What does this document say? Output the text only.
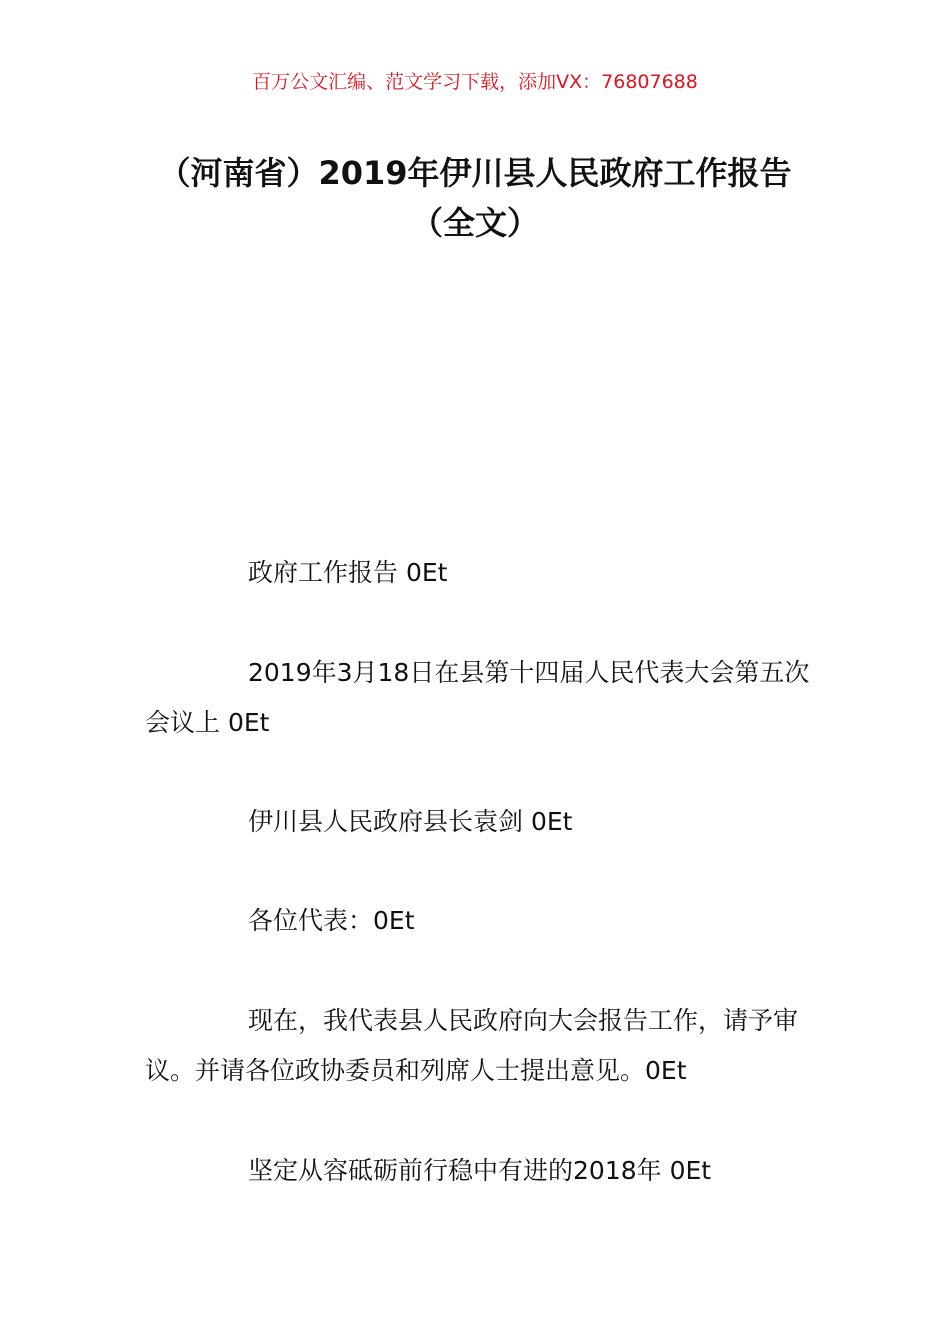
百万公文汇编、范文学习下载，添加VX：76807688
（河南省）2019年伊川县人民政府工作报告（全文）

政府工作报告 0Et

2019年3月18日在县第十四届人民代表大会第五次会议上 0Et

伊川县人民政府县长袁剑 0Et

各位代表：0Et

现在，我代表县人民政府向大会报告工作，请予审议。并请各位政协委员和列席人士提出意见。0Et

坚定从容砥砺前行稳中有进的2018年 0Et
